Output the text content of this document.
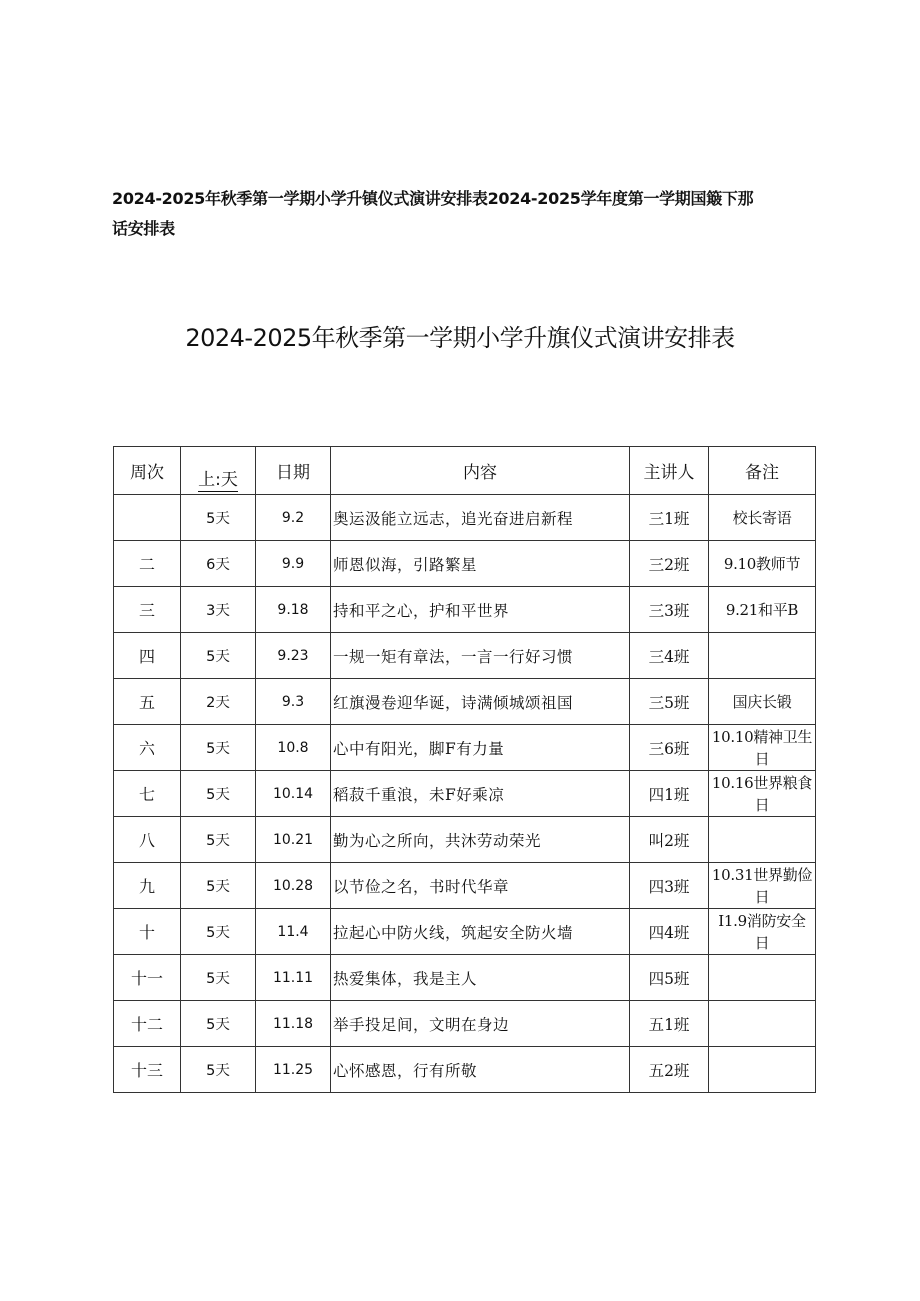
2024-2025年秋季第一学期小学升镇仪式演讲安排表2024-2025学年度第一学期国簸下那
话安排表
2024-2025年秋季第一学期小学升旗仪式演讲安排表
周次	上:天	日期	内容	主讲人	备注
	5天	9.2	奥运汲能立远志，追光奋进启新程	三1班	校长寄语
二	6天	9.9	师恩似海，引路繁星	三2班	9.10教师节
三	3天	9.18	持和平之心，护和平世界	三3班	9.21和平B
四	5天	9.23	一规一矩有章法，一言一行好习惯	三4班	
五	2天	9.3	红旗漫卷迎华诞，诗满倾城颂祖国	三5班	国庆长锻
六	5天	10.8	心中有阳光，脚F有力量	三6班	10.10精神卫生日
七	5天	10.14	稻菽千重浪，未F好乘凉	四1班	10.16世界粮食日
八	5天	10.21	勤为心之所向，共沐劳动荣光	叫2班	
九	5天	10.28	以节俭之名，书时代华章	四3班	10.31世界勤俭日
十	5天	11.4	拉起心中防火线，筑起安全防火墙	四4班	I1.9消防安全日
十一	5天	11.11	热爱集体，我是主人	四5班	
十二	5天	11.18	举手投足间，文明在身边	五1班	
十三	5天	11.25	心怀感恩，行有所敬	五2班	
